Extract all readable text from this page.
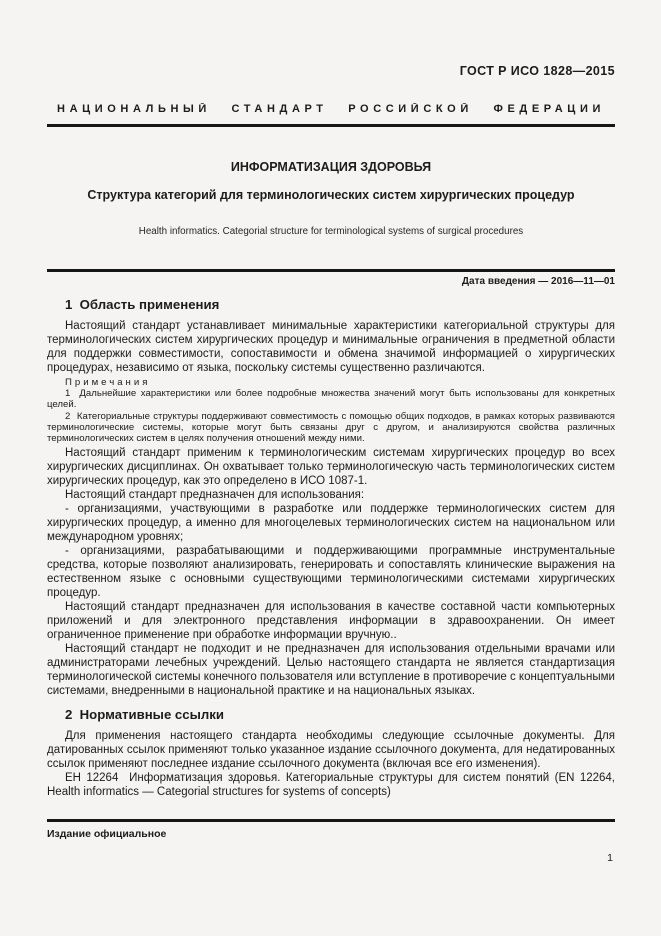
ГОСТ Р ИСО 1828—2015
НАЦИОНАЛЬНЫЙ СТАНДАРТ РОССИЙСКОЙ ФЕДЕРАЦИИ
ИНФОРМАТИЗАЦИЯ ЗДОРОВЬЯ
Структура категорий для терминологических систем хирургических процедур
Health informatics. Categorial structure for terminological systems of surgical procedures
Дата введения — 2016—11—01
1  Область применения

Настоящий стандарт устанавливает минимальные характеристики категориальной структуры для терминологических систем хирургических процедур и минимальные ограничения в предметной области для поддержки совместимости, сопоставимости и обмена значимой информацией о хирургических процедурах, независимо от языка, поскольку системы существенно различаются.

Примечания

1  Дальнейшие характеристики или более подробные множества значений могут быть использованы для конкретных целей.

2  Категориальные структуры поддерживают совместимость с помощью общих подходов, в рамках которых развиваются терминологические системы, которые могут быть связаны друг с другом, и анализируются свойства различных терминологических систем в целях получения отношений между ними.

Настоящий стандарт применим к терминологическим системам хирургических процедур во всех хирургических дисциплинах. Он охватывает только терминологическую часть терминологических систем хирургических процедур, как это определено в ИСО 1087-1.

Настоящий стандарт предназначен для использования:

- организациями, участвующими в разработке или поддержке терминологических систем для хирургических процедур, а именно для многоцелевых терминологических систем на национальном или международном уровнях;

- организациями, разрабатывающими и поддерживающими программные инструментальные средства, которые позволяют анализировать, генерировать и сопоставлять клинические выражения на естественном языке с основными существующими терминологическими системами хирургических процедур.

Настоящий стандарт предназначен для использования в качестве составной части компьютерных приложений и для электронного представления информации в здравоохранении. Он имеет ограниченное применение при обработке информации вручную..

Настоящий стандарт не подходит и не предназначен для использования отдельными врачами или администраторами лечебных учреждений. Целью настоящего стандарта не является стандартизация терминологической системы конечного пользователя или вступление в противоречие с концептуальными системами, внедренными в национальной практике и на национальных языках.

2  Нормативные ссылки

Для применения настоящего стандарта необходимы следующие ссылочные документы. Для датированных ссылок применяют только указанное издание ссылочного документа, для недатированных ссылок применяют последнее издание ссылочного документа (включая все его изменения).

ЕН 12264  Информатизация здоровья. Категориальные структуры для систем понятий (EN 12264, Health informatics — Categorial structures for systems of concepts)

Издание официальное
1
